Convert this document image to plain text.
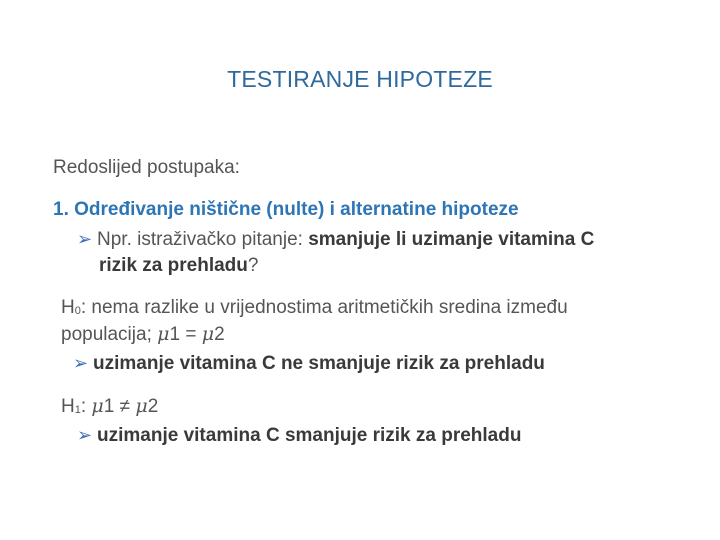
TESTIRANJE HIPOTEZE
Redoslijed postupaka:
1. Određivanje ništične (nulte) i alternatine hipoteze
➢ Npr. istraživačko pitanje: smanjuje li uzimanje vitamina C
rizik za prehladu?
H0: nema razlike u vrijednostima aritmetičkih sredina između
populacija; μ1 = μ2
➢ uzimanje vitamina C ne smanjuje rizik za prehladu
H1: μ1 ≠ μ2
➢ uzimanje vitamina C smanjuje rizik za prehladu
